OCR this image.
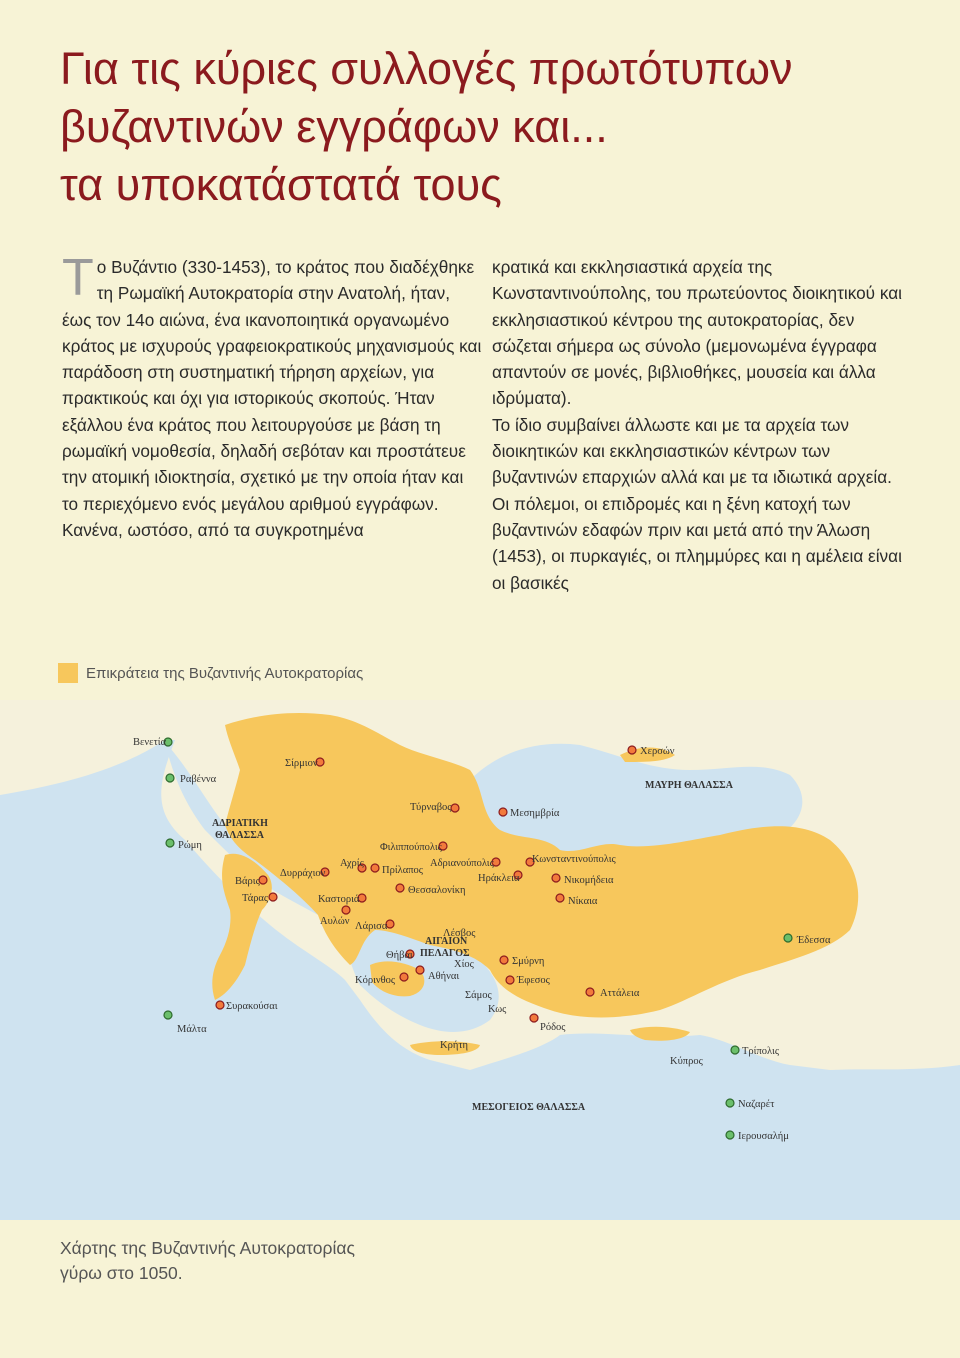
Για τις κύριες συλλογές πρωτότυπων
βυζαντινών εγγράφων και...
τα υποκατάστατά τους

Το Βυζάντιο (330-1453), το κράτος που διαδέχθηκε τη Ρωμαϊκή Αυτοκρατορία στην Ανατολή, ήταν, έως τον 14ο αιώνα, ένα ικανοποιητικά οργανωμένο κράτος με ισχυρούς γραφειοκρατικούς μηχανισμούς και παράδοση στη συστηματική τήρηση αρχείων, για πρακτικούς και όχι για ιστορικούς σκοπούς. Ήταν εξάλλου ένα κράτος που λειτουργούσε με βάση τη ρωμαϊκή νομοθεσία, δηλαδή σεβόταν και προστάτευε την ατομική ιδιοκτησία, σχετικό με την οποία ήταν και το περιεχόμενο ενός μεγάλου αριθμού εγγράφων.

Κανένα, ωστόσο, από τα συγκροτημένα

κρατικά και εκκλησιαστικά αρχεία της Κωνσταντινούπολης, του πρωτεύοντος διοικητικού και εκκλησιαστικού κέντρου της αυτοκρατορίας, δεν σώζεται σήμερα ως σύνολο (μεμονωμένα έγγραφα απαντούν σε μονές, βιβλιοθήκες, μουσεία και άλλα ιδρύματα).

Το ίδιο συμβαίνει άλλωστε και με τα αρχεία των διοικητικών και εκκλησιαστικών κέντρων των βυζαντινών επαρχιών αλλά και με τα ιδιωτικά αρχεία. Οι πόλεμοι, οι επιδρομές και η ξένη κατοχή των βυζαντινών εδαφών πριν και μετά από την Άλωση (1453), οι πυρκαγιές, οι πλημμύρες και η αμέλεια είναι οι βασικές

Επικράτεια της Βυζαντινής Αυτοκρατορίας
ΜΑΥΡΗ ΘΑΛΑΣΣΑ
ΑΔΡΙΑΤΙΚΗ
ΘΑΛΑΣΣΑ
ΑΙΓΑΙΟΝ
ΠΕΛΑΓΟΣ
ΜΕΣΟΓΕΙΟΣ ΘΑΛΑΣΣΑ
Βενετία
Ραβέννα
Σίρμιον
Ρώμη
Βάρις
Τάρας
Δυρράχιον
Συρακούσαι
Μάλτα
Χερσών
Τύρναβος
Μεσημβρία
Φιλιππούπολις
Αδριανούπολις	Κωνσταντινούπολις
Αχρίς
Πρίλαπος
Ηράκλεια	Νικομήδεια
Θεσσαλονίκη
Νίκαια
Καστοριά
Αυλών Λάρισα
Λέσβος
Θήβαι
Χίος	Σμύρνη
Αθήναι
Κόρινθος	Έφεσος
Σάμος
Κως
Ρόδος
Αττάλεια
Έδεσσα
Κρήτη
Κύπρος
Τρίπολις
Ναζαρέτ
Ιερουσαλήμ

Χάρτης της Βυζαντινής Αυτοκρατορίας
γύρω στο 1050.
